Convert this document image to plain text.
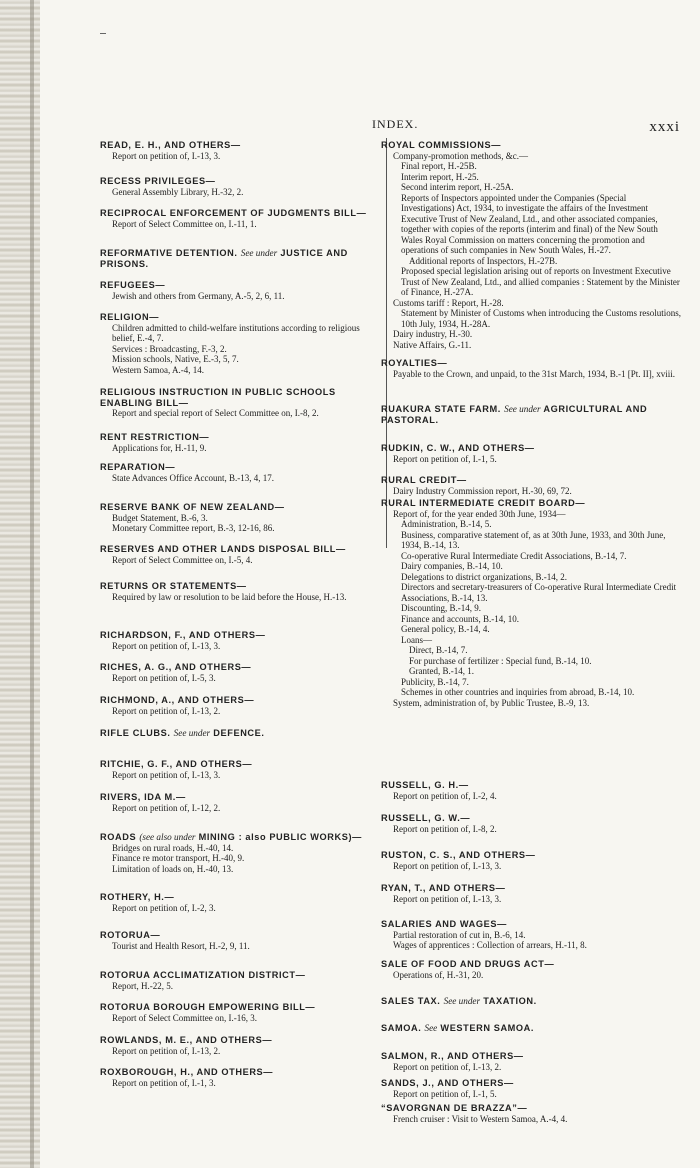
INDEX.	xxxi
READ, E. H., AND OTHERS—
Report on petition of, I.-13, 3.
RECESS PRIVILEGES—
General Assembly Library, H.-32, 2.
RECIPROCAL ENFORCEMENT OF JUDGMENTS BILL—
Report of Select Committee on, I.-11, 1.
REFORMATIVE DETENTION. See under JUSTICE AND PRISONS.
REFUGEES—
Jewish and others from Germany, A.-5, 2, 6, 11.
RELIGION—
Children admitted to child-welfare institutions according to religious belief, E.-4, 7.
Services : Broadcasting, F.-3, 2.
Mission schools, Native, E.-3, 5, 7.
Western Samoa, A.-4, 14.
RELIGIOUS INSTRUCTION IN PUBLIC SCHOOLS ENABLING BILL—
Report and special report of Select Committee on, I.-8, 2.
RENT RESTRICTION—
Applications for, H.-11, 9.
REPARATION—
State Advances Office Account, B.-13, 4, 17.
RESERVE BANK OF NEW ZEALAND—
Budget Statement, B.-6, 3.
Monetary Committee report, B.-3, 12-16, 86.
RESERVES AND OTHER LANDS DISPOSAL BILL—
Report of Select Committee on, I.-5, 4.
RETURNS OR STATEMENTS—
Required by law or resolution to be laid before the House, H.-13.
RICHARDSON, F., AND OTHERS—
Report on petition of, I.-13, 3.
RICHES, A. G., AND OTHERS—
Report on petition of, I.-5, 3.
RICHMOND, A., AND OTHERS—
Report on petition of, I.-13, 2.
RIFLE CLUBS. See under DEFENCE.
RITCHIE, G. F., AND OTHERS—
Report on petition of, I.-13, 3.
RIVERS, IDA M.—
Report on petition of, I.-12, 2.
ROADS (see also under MINING : also PUBLIC WORKS)—
Bridges on rural roads, H.-40, 14.
Finance re motor transport, H.-40, 9.
Limitation of loads on, H.-40, 13.
ROTHERY, H.—
Report on petition of, I.-2, 3.
ROTORUA—
Tourist and Health Resort, H.-2, 9, 11.
ROTORUA ACCLIMATIZATION DISTRICT—
Report, H.-22, 5.
ROTORUA BOROUGH EMPOWERING BILL—
Report of Select Committee on, I.-16, 3.
ROWLANDS, M. E., AND OTHERS—
Report on petition of, I.-13, 2.
ROXBOROUGH, H., AND OTHERS—
Report on petition of, I.-1, 3.
ROYAL COMMISSIONS—
Company-promotion methods, &c.—
Final report, H.-25B.
Interim report, H.-25.
Second interim report, H.-25A.
Reports of Inspectors appointed under the Companies (Special Investigations) Act, 1934, to investigate the affairs of the Investment Executive Trust of New Zealand, Ltd., and other associated companies, together with copies of the reports (interim and final) of the New South Wales Royal Commission on matters concerning the promotion and operations of such companies in New South Wales, H.-27.
Additional reports of Inspectors, H.-27B.
Proposed special legislation arising out of reports on Investment Executive Trust of New Zealand, Ltd., and allied companies : Statement by the Minister of Finance, H.-27A.
Customs tariff : Report, H.-28.
Statement by Minister of Customs when introducing the Customs resolutions, 10th July, 1934, H.-28A.
Dairy industry, H.-30.
Native Affairs, G.-11.
ROYALTIES—
Payable to the Crown, and unpaid, to the 31st March, 1934, B.-1 [Pt. II], xviii.
RUAKURA STATE FARM. See under AGRICULTURAL AND PASTORAL.
RUDKIN, C. W., AND OTHERS—
Report on petition of, I.-1, 5.
RURAL CREDIT—
Dairy Industry Commission report, H.-30, 69, 72.
RURAL INTERMEDIATE CREDIT BOARD—
Report of, for the year ended 30th June, 1934—
Administration, B.-14, 5.
Business, comparative statement of, as at 30th June, 1933, and 30th June, 1934, B.-14, 13.
Co-operative Rural Intermediate Credit Associations, B.-14, 7.
Dairy companies, B.-14, 10.
Delegations to district organizations, B.-14, 2.
Directors and secretary-treasurers of Co-operative Rural Intermediate Credit Associations, B.-14, 13.
Discounting, B.-14, 9.
Finance and accounts, B.-14, 10.
General policy, B.-14, 4.
Loans—
Direct, B.-14, 7.
For purchase of fertilizer : Special fund, B.-14, 10.
Granted, B.-14, 1.
Publicity, B.-14, 7.
Schemes in other countries and inquiries from abroad, B.-14, 10.
System, administration of, by Public Trustee, B.-9, 13.
RUSSELL, G. H.—
Report on petition of, I.-2, 4.
RUSSELL, G. W.—
Report on petition of, I.-8, 2.
RUSTON, C. S., AND OTHERS—
Report on petition of, I.-13, 3.
RYAN, T., AND OTHERS—
Report on petition of, I.-13, 3.
SALARIES AND WAGES—
Partial restoration of cut in, B.-6, 14.
Wages of apprentices : Collection of arrears, H.-11, 8.
SALE OF FOOD AND DRUGS ACT—
Operations of, H.-31, 20.
SALES TAX. See under TAXATION.
SAMOA. See WESTERN SAMOA.
SALMON, R., AND OTHERS—
Report on petition of, I.-13, 2.
SANDS, J., AND OTHERS—
Report on petition of, I.-1, 5.
“SAVORGNAN DE BRAZZA”—
French cruiser : Visit to Western Samoa, A.-4, 4.
